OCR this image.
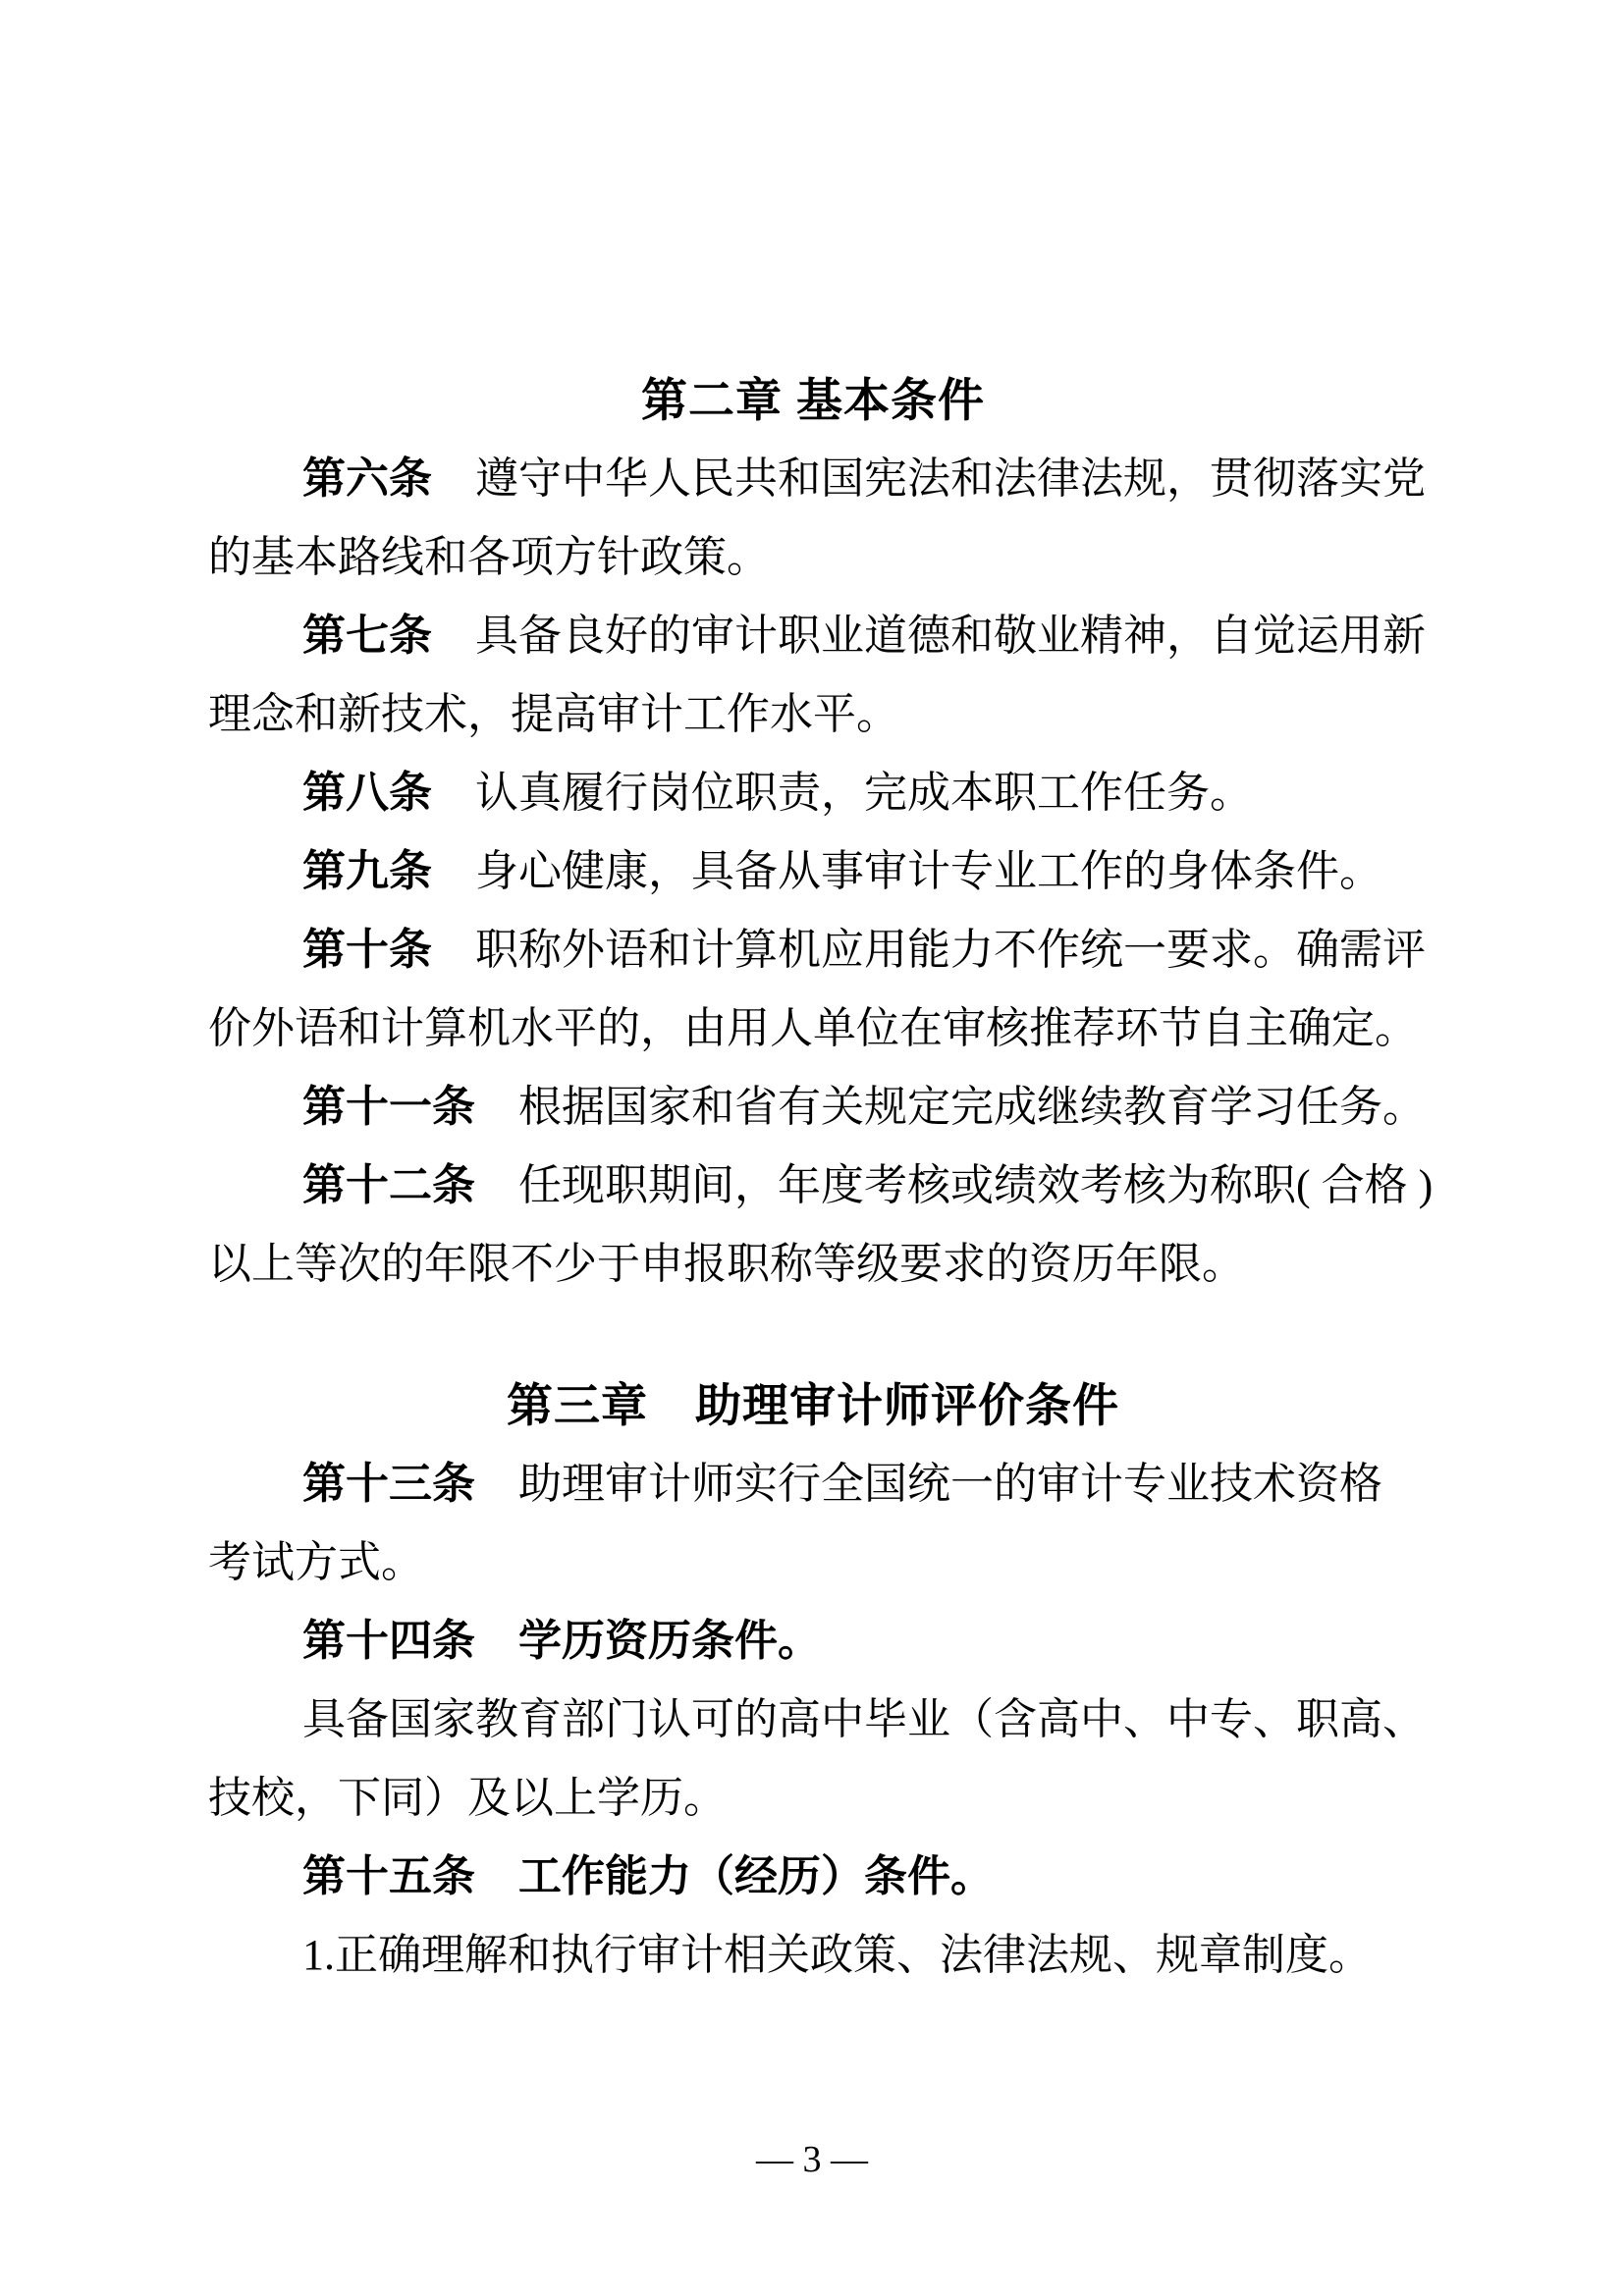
第二章 基本条件
第六条　遵守中华人民共和国宪法和法律法规，贯彻落实党
的基本路线和各项方针政策。
第七条　具备良好的审计职业道德和敬业精神，自觉运用新
理念和新技术，提高审计工作水平。
第八条　认真履行岗位职责，完成本职工作任务。
第九条　身心健康，具备从事审计专业工作的身体条件。
第十条　职称外语和计算机应用能力不作统一要求。确需评
价外语和计算机水平的，由用人单位在审核推荐环节自主确定。
第十一条　根据国家和省有关规定完成继续教育学习任务。
第十二条　任现职期间，年度考核或绩效考核为称职( 合格 )
以上等次的年限不少于申报职称等级要求的资历年限。
第三章　助理审计师评价条件
第十三条　助理审计师实行全国统一的审计专业技术资格
考试方式。
第十四条　学历资历条件。
具备国家教育部门认可的高中毕业（含高中、中专、职高、
技校，下同）及以上学历。
第十五条　工作能力（经历）条件。
1.正确理解和执行审计相关政策、法律法规、规章制度。
— 3 —
